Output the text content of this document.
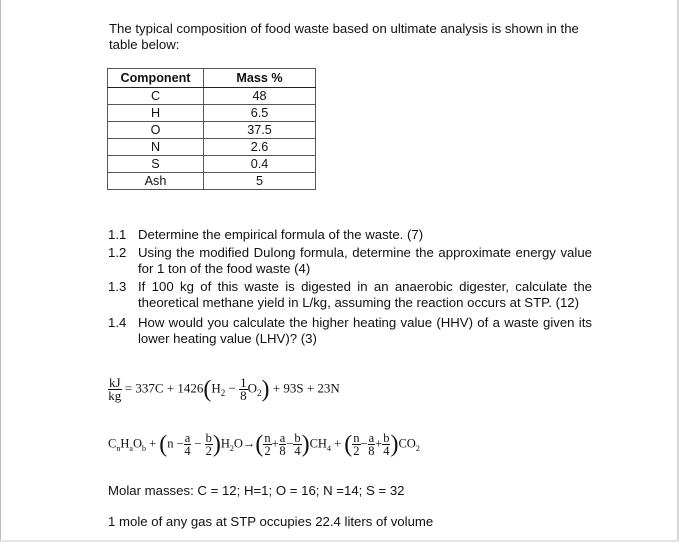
The typical composition of food waste based on ultimate analysis is shown in the table below:
Component	Mass %
C	48
H	6.5
O	37.5
N	2.6
S	0.4
Ash	5
1.1 Determine the empirical formula of the waste. (7)
1.2 Using the modified Dulong formula, determine the approximate energy value for 1 ton of the food waste (4)
1.3 If 100 kg of this waste is digested in an anaerobic digester, calculate the theoretical methane yield in L/kg, assuming the reaction occurs at STP. (12)
1.4 How would you calculate the higher heating value (HHV) of a waste given its lower heating value (LHV)? (3)
$\frac{kJ}{kg} = 337C + 1426(H_2 - \frac{1}{8} O_2) + 93S + 23N$
$C_nH_aO_b + (n - \frac{a}{4} - \frac{b}{2} )H_2O\to( \frac{n}{2} + \frac{a}{8} - \frac{b}{4} )CH_4$ + ( $\frac{n}{2} - \frac{a}{8} + \frac{b}{4} )CO_2$
Molar masses: C = 12; H=1; O = 16; N =14; S = 32
1 mole of any gas at STP occupies 22.4 liters of volume
